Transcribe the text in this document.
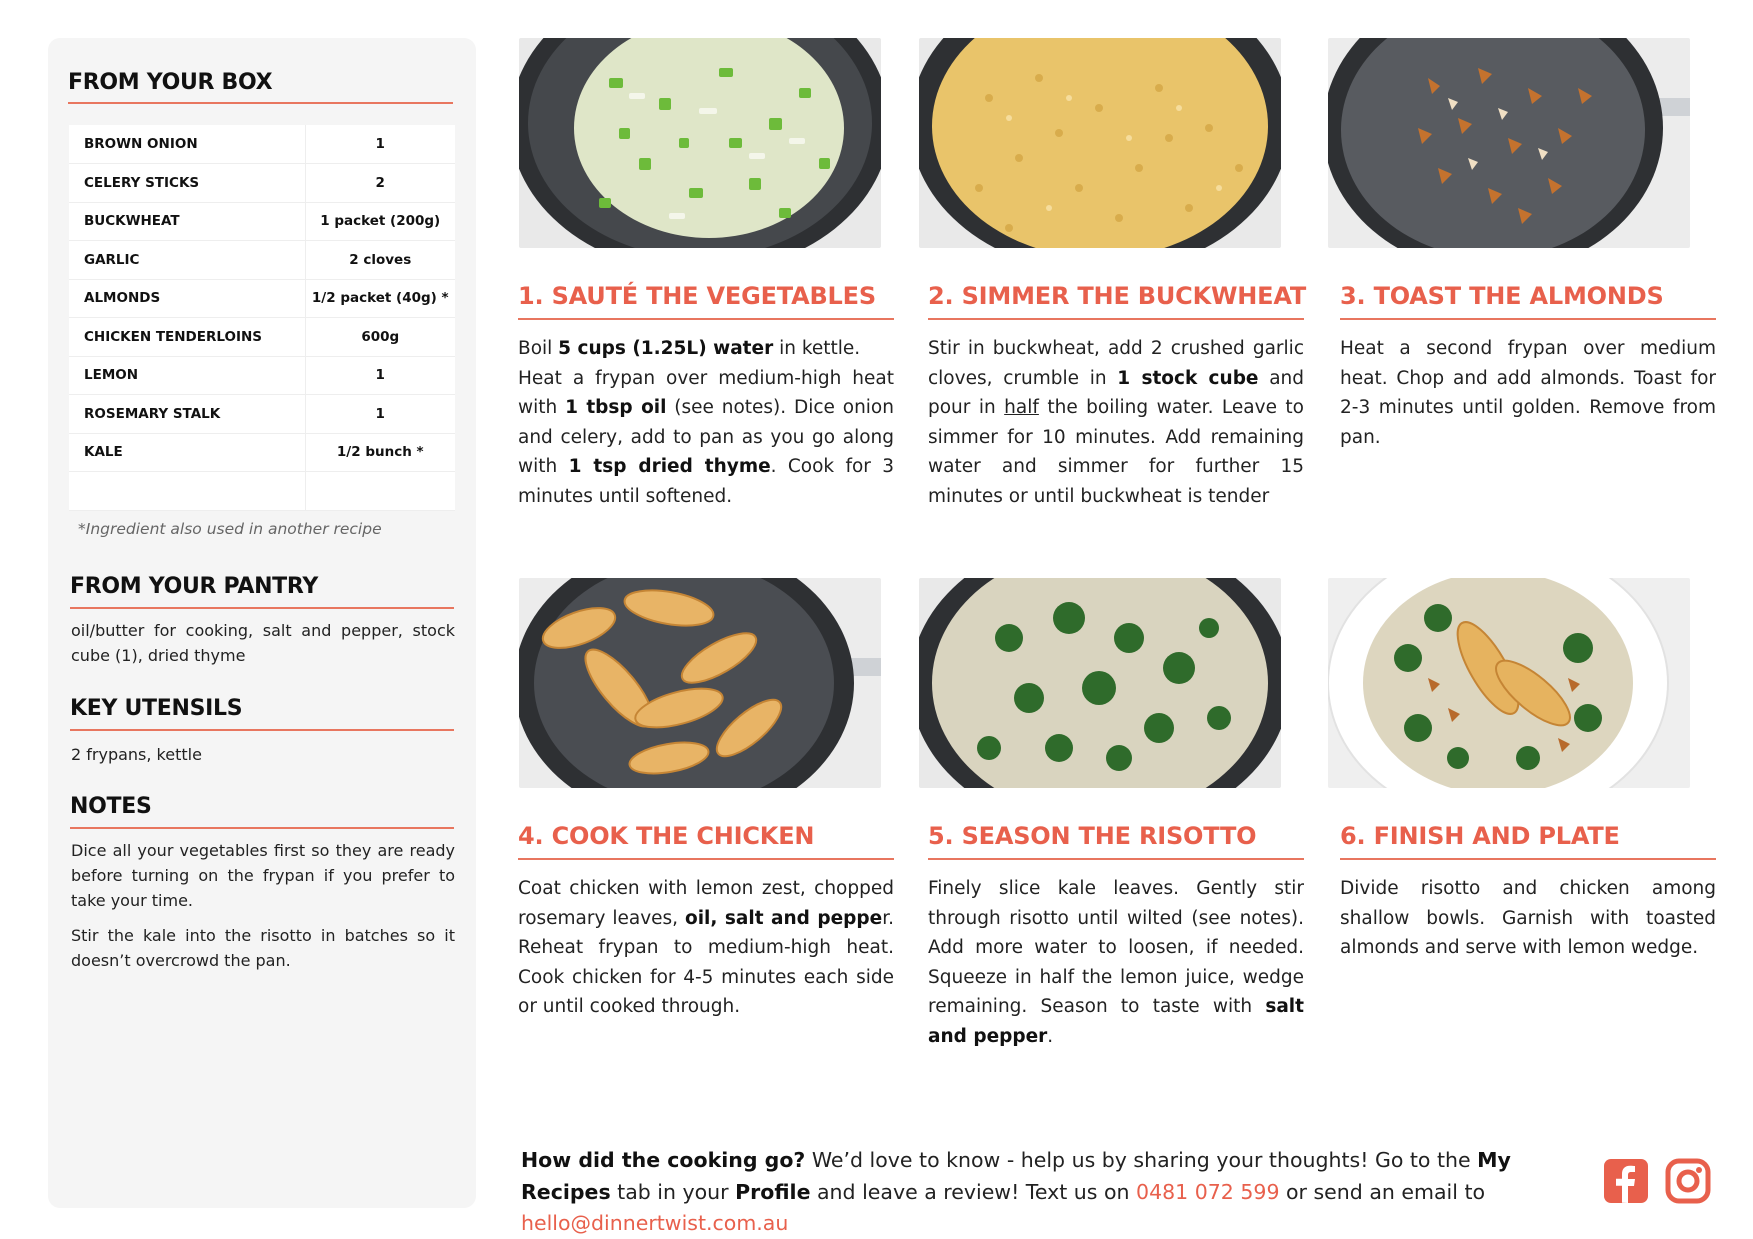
FROM YOUR BOX
BROWN ONION	1
CELERY STICKS	2
BUCKWHEAT	1 packet (200g)
GARLIC	2 cloves
ALMONDS	1/2 packet (40g) *
CHICKEN TENDERLOINS	600g
LEMON	1
ROSEMARY STALK	1
KALE	1/2 bunch *

*Ingredient also used in another recipe
FROM YOUR PANTRY
oil/butter for cooking, salt and pepper, stock cube (1), dried thyme
KEY UTENSILS
2 frypans, kettle
NOTES
Dice all your vegetables first so they are ready before turning on the frypan if you prefer to take your time.
Stir the kale into the risotto in batches so it doesn’t overcrowd the pan.
1. SAUTÉ THE VEGETABLES
Boil 5 cups (1.25L) water in kettle.
Heat a frypan over medium-high heat with 1 tbsp oil (see notes). Dice onion and celery, add to pan as you go along with 1 tsp dried thyme. Cook for 3 minutes until softened.
2. SIMMER THE BUCKWHEAT
Stir in buckwheat, add 2 crushed garlic cloves, crumble in 1 stock cube and pour in half the boiling water. Leave to simmer for 10 minutes. Add remaining water and simmer for further 15 minutes or until buckwheat is tender
3. TOAST THE ALMONDS
Heat a second frypan over medium heat. Chop and add almonds. Toast for 2-3 minutes until golden. Remove from pan.
4. COOK THE CHICKEN
Coat chicken with lemon zest, chopped rosemary leaves, oil, salt and pepper. Reheat frypan to medium-high heat. Cook chicken for 4-5 minutes each side or until cooked through.
5. SEASON THE RISOTTO
Finely slice kale leaves. Gently stir through risotto until wilted (see notes). Add more water to loosen, if needed. Squeeze in half the lemon juice, wedge remaining. Season to taste with salt and pepper.
6. FINISH AND PLATE
Divide risotto and chicken among shallow bowls. Garnish with toasted almonds and serve with lemon wedge.
How did the cooking go? We’d love to know - help us by sharing your thoughts! Go to the My Recipes tab in your Profile and leave a review! Text us on 0481 072 599 or send an email to hello@dinnertwist.com.au
